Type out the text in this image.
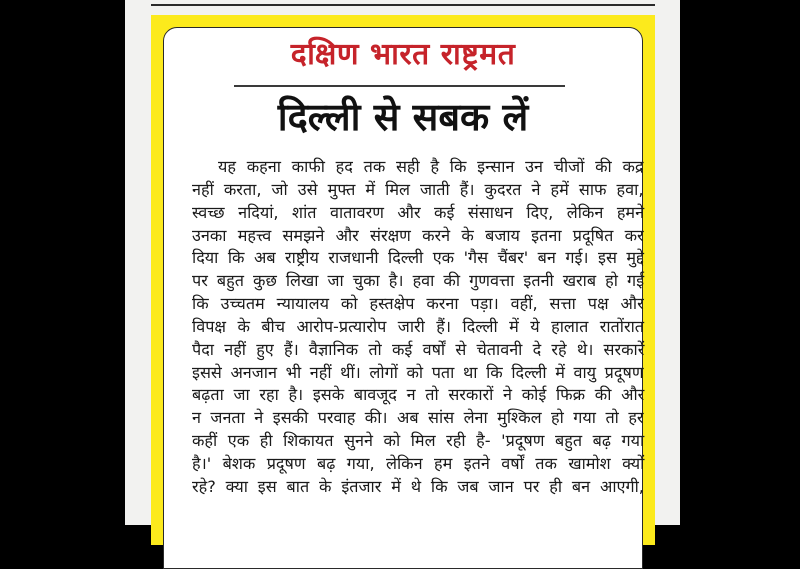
दक्षिण भारत राष्ट्रमत
दिल्ली से सबक लें
यह कहना काफी हद तक सही है कि इन्सान उन चीजों की कद्र
नहीं करता, जो उसे मुफ्त में मिल जाती हैं। कुदरत ने हमें साफ हवा,
स्वच्छ नदियां, शांत वातावरण और कई संसाधन दिए, लेकिन हमने
उनका महत्त्व समझने और संरक्षण करने के बजाय इतना प्रदूषित कर
दिया कि अब राष्ट्रीय राजधानी दिल्ली एक 'गैस चैंबर' बन गई। इस मुद्दे
पर बहुत कुछ लिखा जा चुका है। हवा की गुणवत्ता इतनी खराब हो गई
कि उच्चतम न्यायालय को हस्तक्षेप करना पड़ा। वहीं, सत्ता पक्ष और
विपक्ष के बीच आरोप-प्रत्यारोप जारी हैं। दिल्ली में ये हालात रातोंरात
पैदा नहीं हुए हैं। वैज्ञानिक तो कई वर्षों से चेतावनी दे रहे थे। सरकारें
इससे अनजान भी नहीं थीं। लोगों को पता था कि दिल्ली में वायु प्रदूषण
बढ़ता जा रहा है। इसके बावजूद न तो सरकारों ने कोई फिक्र की और
न जनता ने इसकी परवाह की। अब सांस लेना मुश्किल हो गया तो हर
कहीं एक ही शिकायत सुनने को मिल रही है- 'प्रदूषण बहुत बढ़ गया
है।' बेशक प्रदूषण बढ़ गया, लेकिन हम इतने वर्षों तक खामोश क्यों
रहे? क्या इस बात के इंतजार में थे कि जब जान पर ही बन आएगी,
